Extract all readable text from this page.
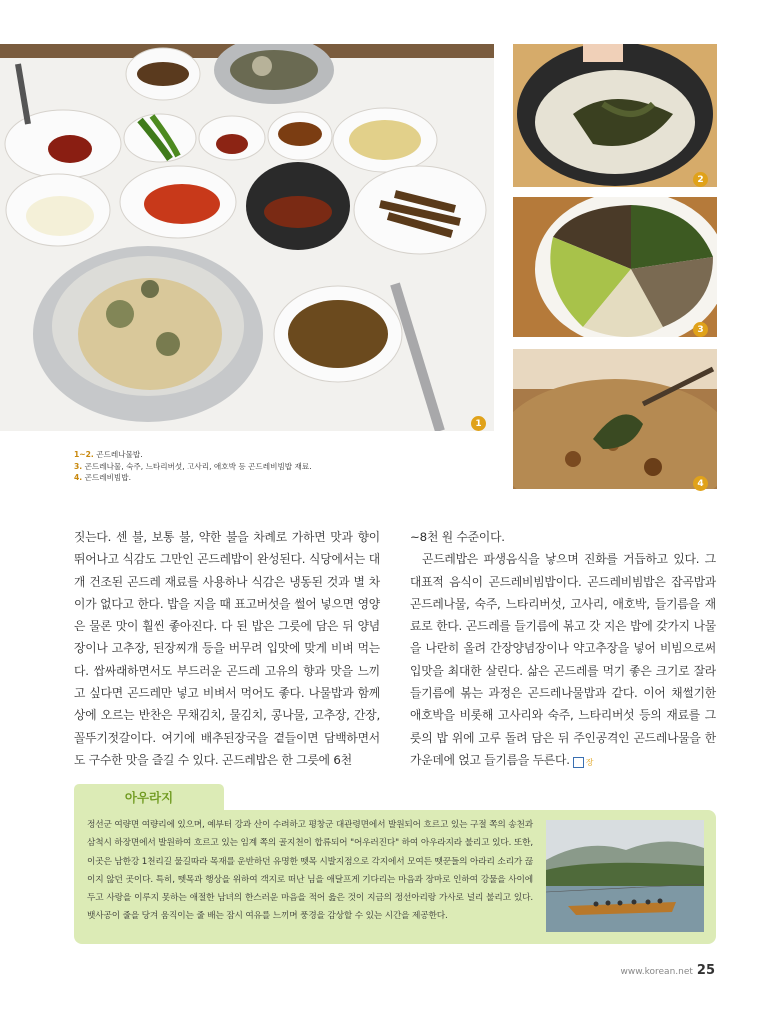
1
2
3
4
1~2. 곤드레나물밥.
3. 곤드레나물, 숙주, 느타리버섯, 고사리, 애호박 등 곤드레비빔밥 재료.
4. 곤드레비빔밥.

짓는다. 센 불, 보통 불, 약한 불을 차례로 가하면 맛과 향이 뛰어나고 식감도 그만인 곤드레밥이 완성된다. 식당에서는 대개 건조된 곤드레 재료를 사용하나 식감은 냉동된 것과 별 차이가 없다고 한다. 밥을 지을 때 표고버섯을 썰어 넣으면 영양은 물론 맛이 훨씬 좋아진다. 다 된 밥은 그릇에 담은 뒤 양념장이나 고추장, 된장찌개 등을 버무려 입맛에 맞게 비벼 먹는다. 쌉싸래하면서도 부드러운 곤드레 고유의 향과 맛을 느끼고 싶다면 곤드레만 넣고 비벼서 먹어도 좋다. 나물밥과 함께 상에 오르는 반찬은 무채김치, 물김치, 콩나물, 고추장, 간장, 꼴뚜기젓갈이다. 여기에 배추된장국을 곁들이면 담백하면서도 구수한 맛을 즐길 수 있다. 곤드레밥은 한 그릇에 6천

~8천 원 수준이다.

곤드레밥은 파생음식을 낳으며 진화를 거듭하고 있다. 그 대표적 음식이 곤드레비빔밥이다. 곤드레비빔밥은 잡곡밥과 곤드레나물, 숙주, 느타리버섯, 고사리, 애호박, 들기름을 재료로 한다. 곤드레를 들기름에 볶고 갓 지은 밥에 갖가지 나물을 나란히 올려 간장양념장이나 약고추장을 넣어 비빔으로써 입맛을 최대한 살린다. 삶은 곤드레를 먹기 좋은 크기로 잘라 들기름에 볶는 과정은 곤드레나물밥과 같다. 이어 채썰기한 애호박을 비롯해 고사리와 숙주, 느타리버섯 등의 재료를 그릇의 밥 위에 고루 돌려 담은 뒤 주인공격인 곤드레나물을 한가운데에 얹고 들기름을 두른다. 장

아우라지
정선군 여량면 여량리에 있으며, 예부터 강과 산이 수려하고 평창군 대관령면에서 발원되어 흐르고 있는 구절 쪽의 송천과 삼척시 하장면에서 발원하여 흐르고 있는 임계 쪽의 골지천이 합류되어 "어우러진다" 하여 아우라지라 불리고 있다. 또한, 이곳은 남한강 1천리길 물길따라 목재를 운반하던 유명한 뗏목 시발지점으로 각지에서 모여든 뗏꾼들의 아라리 소리가 끊이지 않던 곳이다. 특히, 뗏목과 행상을 위하여 객지로 떠난 님을 애달프게 기다리는 마음과 장마로 인하여 강물을 사이에 두고 사랑을 이루지 못하는 애절한 남녀의 한스러운 마음을 적어 읊은 것이 지금의 정선아리랑 가사로 널리 불리고 있다. 뱃사공이 줄을 당겨 움직이는 줄 배는 잠시 여유를 느끼며 풍경을 감상할 수 있는 시간을 제공한다.
www.korean.net 25
